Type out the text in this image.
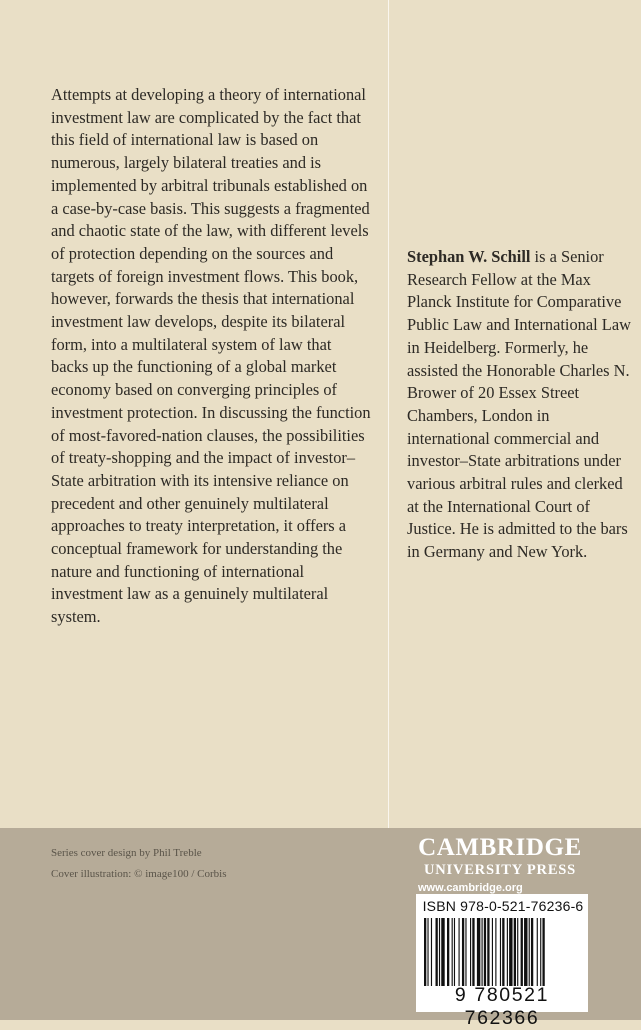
Attempts at developing a theory of international investment law are complicated by the fact that this field of international law is based on numerous, largely bilateral treaties and is implemented by arbitral tribunals established on a case-by-case basis. This suggests a fragmented and chaotic state of the law, with different levels of protection depending on the sources and targets of foreign investment flows. This book, however, forwards the thesis that international investment law develops, despite its bilateral form, into a multilateral system of law that backs up the functioning of a global market economy based on converging principles of investment protection. In discussing the function of most-favored-nation clauses, the possibilities of treaty-shopping and the impact of investor–State arbitration with its intensive reliance on precedent and other genuinely multilateral approaches to treaty interpretation, it offers a conceptual framework for understanding the nature and functioning of international investment law as a genuinely multilateral system.

Stephan W. Schill is a Senior Research Fellow at the Max Planck Institute for Comparative Public Law and International Law in Heidelberg. Formerly, he assisted the Honorable Charles N. Brower of 20 Essex Street Chambers, London in international commercial and investor–State arbitrations under various arbitral rules and clerked at the International Court of Justice. He is admitted to the bars in Germany and New York.

Series cover design by Phil Treble
Cover illustration: © image100 / Corbis
CAMBRIDGE
UNIVERSITY PRESS
www.cambridge.org
ISBN 978-0-521-76236-6
9 780521 762366
